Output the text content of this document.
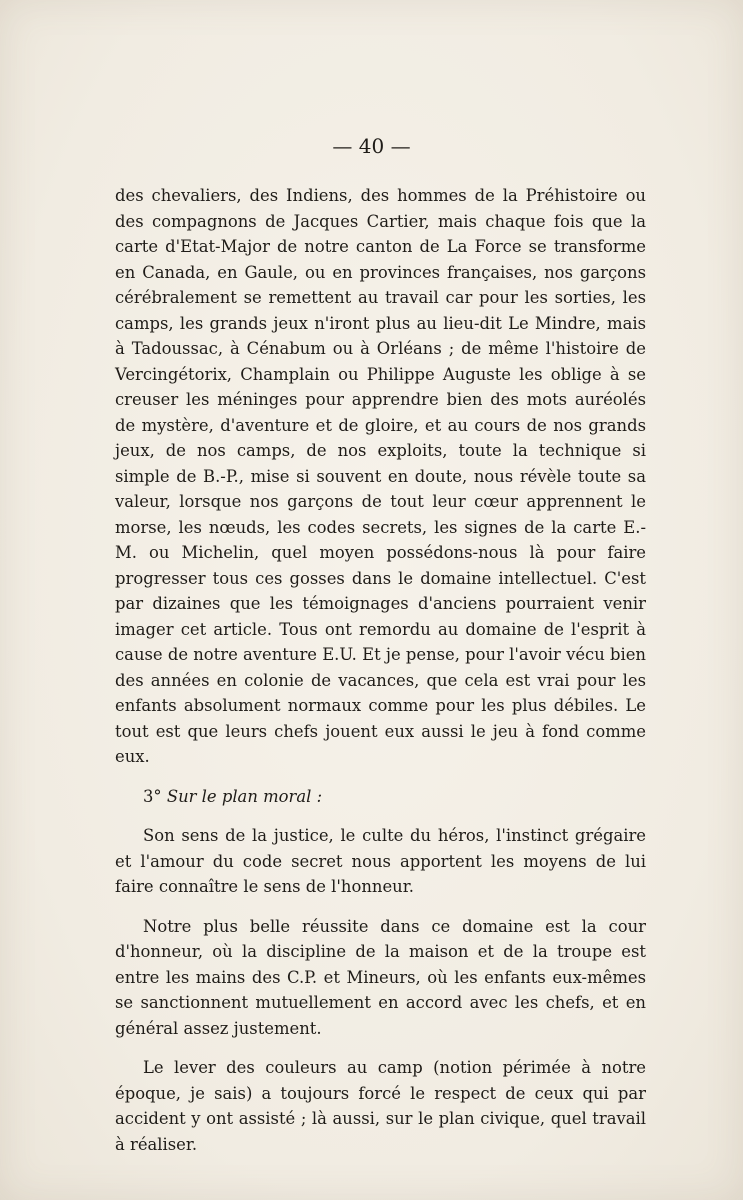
— 40 —

des chevaliers, des Indiens, des hommes de la Préhistoire ou des compagnons de Jacques Cartier, mais chaque fois que la carte d'Etat-Major de notre canton de La Force se transforme en Canada, en Gaule, ou en provinces françaises, nos garçons cérébralement se remettent au travail car pour les sorties, les camps, les grands jeux n'iront plus au lieu-dit Le Mindre, mais à Tadoussac, à Cénabum ou à Orléans ; de même l'histoire de Vercingétorix, Champlain ou Philippe Auguste les oblige à se creuser les méninges pour apprendre bien des mots auréolés de mystère, d'aventure et de gloire, et au cours de nos grands jeux, de nos camps, de nos exploits, toute la technique si simple de B.-P., mise si souvent en doute, nous révèle toute sa valeur, lorsque nos garçons de tout leur cœur apprennent le morse, les nœuds, les codes secrets, les signes de la carte E.-M. ou Michelin, quel moyen possédons-nous là pour faire progresser tous ces gosses dans le domaine intellectuel. C'est par dizaines que les témoignages d'anciens pourraient venir imager cet article. Tous ont remordu au domaine de l'esprit à cause de notre aventure E.U. Et je pense, pour l'avoir vécu bien des années en colonie de vacances, que cela est vrai pour les enfants absolument normaux comme pour les plus débiles. Le tout est que leurs chefs jouent eux aussi le jeu à fond comme eux.

3° Sur le plan moral :

Son sens de la justice, le culte du héros, l'instinct grégaire et l'amour du code secret nous apportent les moyens de lui faire connaître le sens de l'honneur.

Notre plus belle réussite dans ce domaine est la cour d'honneur, où la discipline de la maison et de la troupe est entre les mains des C.P. et Mineurs, où les enfants eux-mêmes se sanctionnent mutuellement en accord avec les chefs, et en général assez justement.

Le lever des couleurs au camp (notion périmée à notre époque, je sais) a toujours forcé le respect de ceux qui par accident y ont assisté ; là aussi, sur le plan civique, quel travail à réaliser.
